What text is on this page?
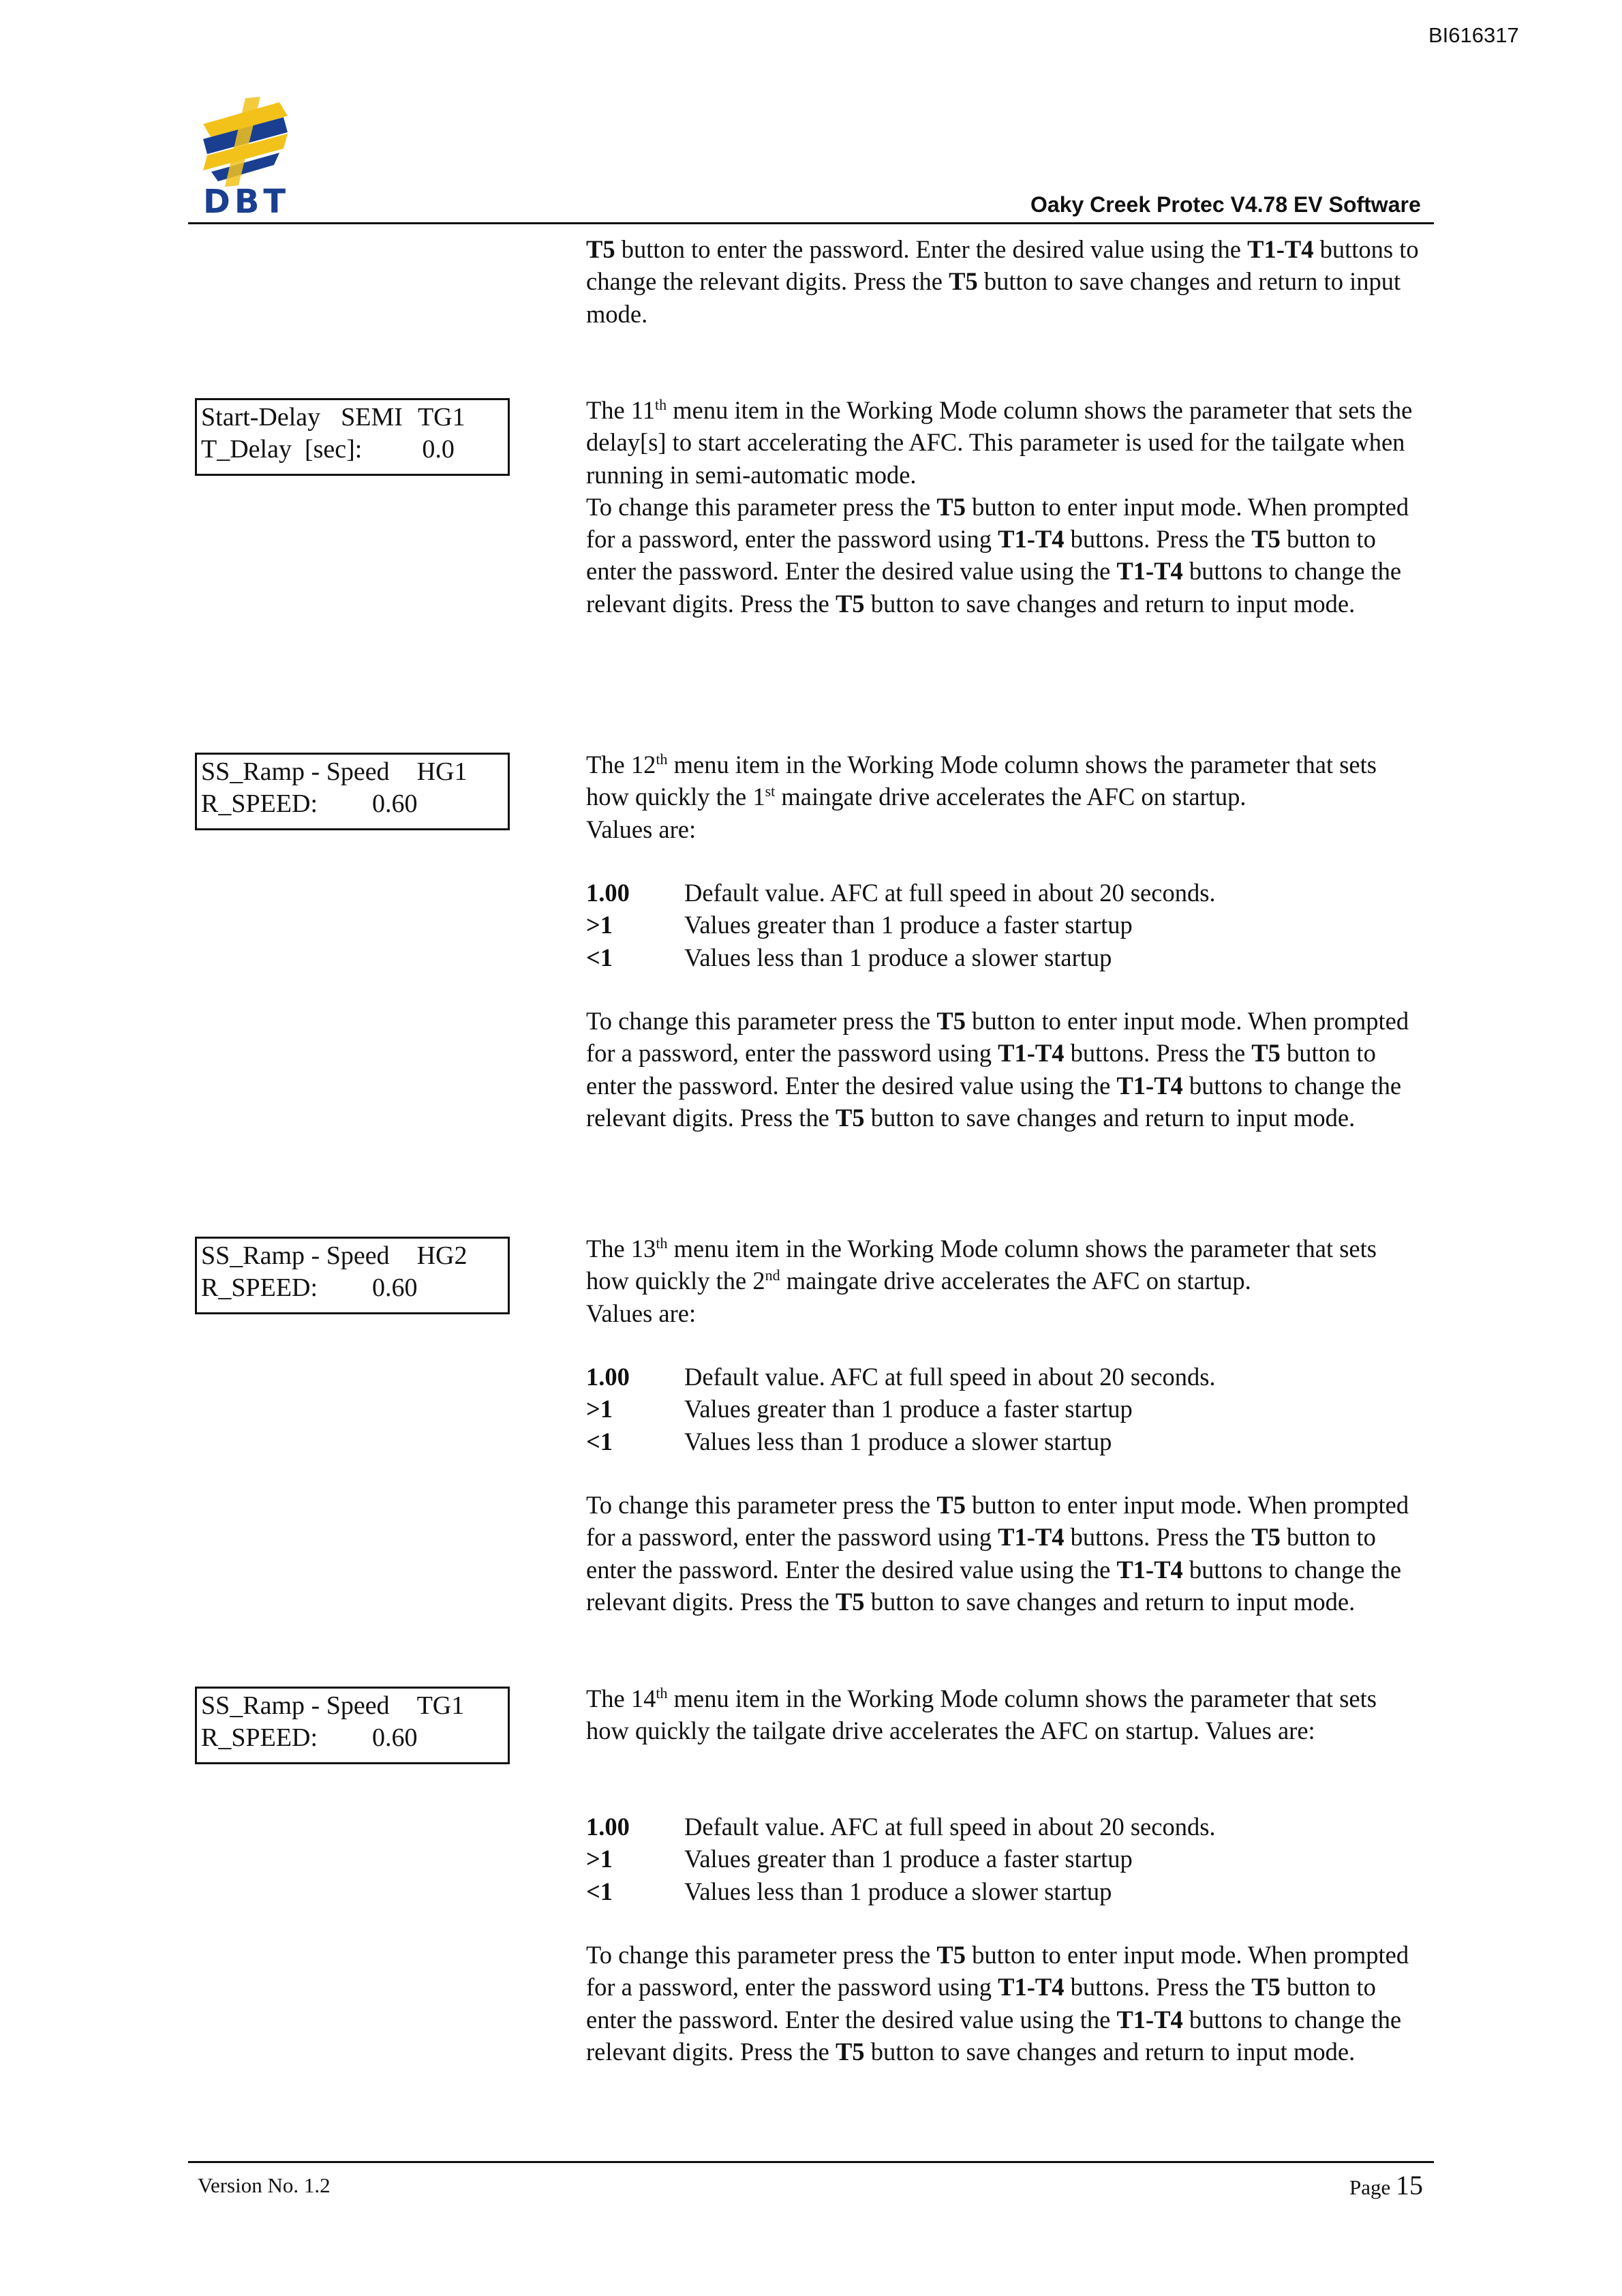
BI616317
DBT	Oaky Creek Protec V4.78 EV Software

T5 button to enter the password. Enter the desired value using the T1-T4 buttons to change the relevant digits. Press the T5 button to save changes and return to input mode.

Start-Delay SEMI TG1
T_Delay  [sec]: 0.0

The 11th menu item in the Working Mode column shows the parameter that sets the delay[s] to start accelerating the AFC. This parameter is used for the tailgate when running in semi-automatic mode.

To change this parameter press the T5 button to enter input mode. When prompted for a password, enter the password using T1-T4 buttons. Press the T5 button to enter the password. Enter the desired value using the T1-T4 buttons to change the relevant digits. Press the T5 button to save changes and return to input mode.

SS_Ramp - Speed HG1
R_SPEED: 0.60

The 12th menu item in the Working Mode column shows the parameter that sets how quickly the 1st maingate drive accelerates the AFC on startup.

Values are:

1.00	Default value. AFC at full speed in about 20 seconds.
>1	Values greater than 1 produce a faster startup
<1	Values less than 1 produce a slower startup

To change this parameter press the T5 button to enter input mode. When prompted for a password, enter the password using T1-T4 buttons. Press the T5 button to enter the password. Enter the desired value using the T1-T4 buttons to change the relevant digits. Press the T5 button to save changes and return to input mode.

SS_Ramp - Speed HG2
R_SPEED: 0.60

The 13th menu item in the Working Mode column shows the parameter that sets how quickly the 2nd maingate drive accelerates the AFC on startup.

Values are:

1.00	Default value. AFC at full speed in about 20 seconds.
>1	Values greater than 1 produce a faster startup
<1	Values less than 1 produce a slower startup

To change this parameter press the T5 button to enter input mode. When prompted for a password, enter the password using T1-T4 buttons. Press the T5 button to enter the password. Enter the desired value using the T1-T4 buttons to change the relevant digits. Press the T5 button to save changes and return to input mode.

SS_Ramp - Speed TG1
R_SPEED: 0.60

The 14th menu item in the Working Mode column shows the parameter that sets how quickly the tailgate drive accelerates the AFC on startup. Values are:

1.00	Default value. AFC at full speed in about 20 seconds.
>1	Values greater than 1 produce a faster startup
<1	Values less than 1 produce a slower startup

To change this parameter press the T5 button to enter input mode. When prompted for a password, enter the password using T1-T4 buttons. Press the T5 button to enter the password. Enter the desired value using the T1-T4 buttons to change the relevant digits. Press the T5 button to save changes and return to input mode.

Version No. 1.2	Page 15
